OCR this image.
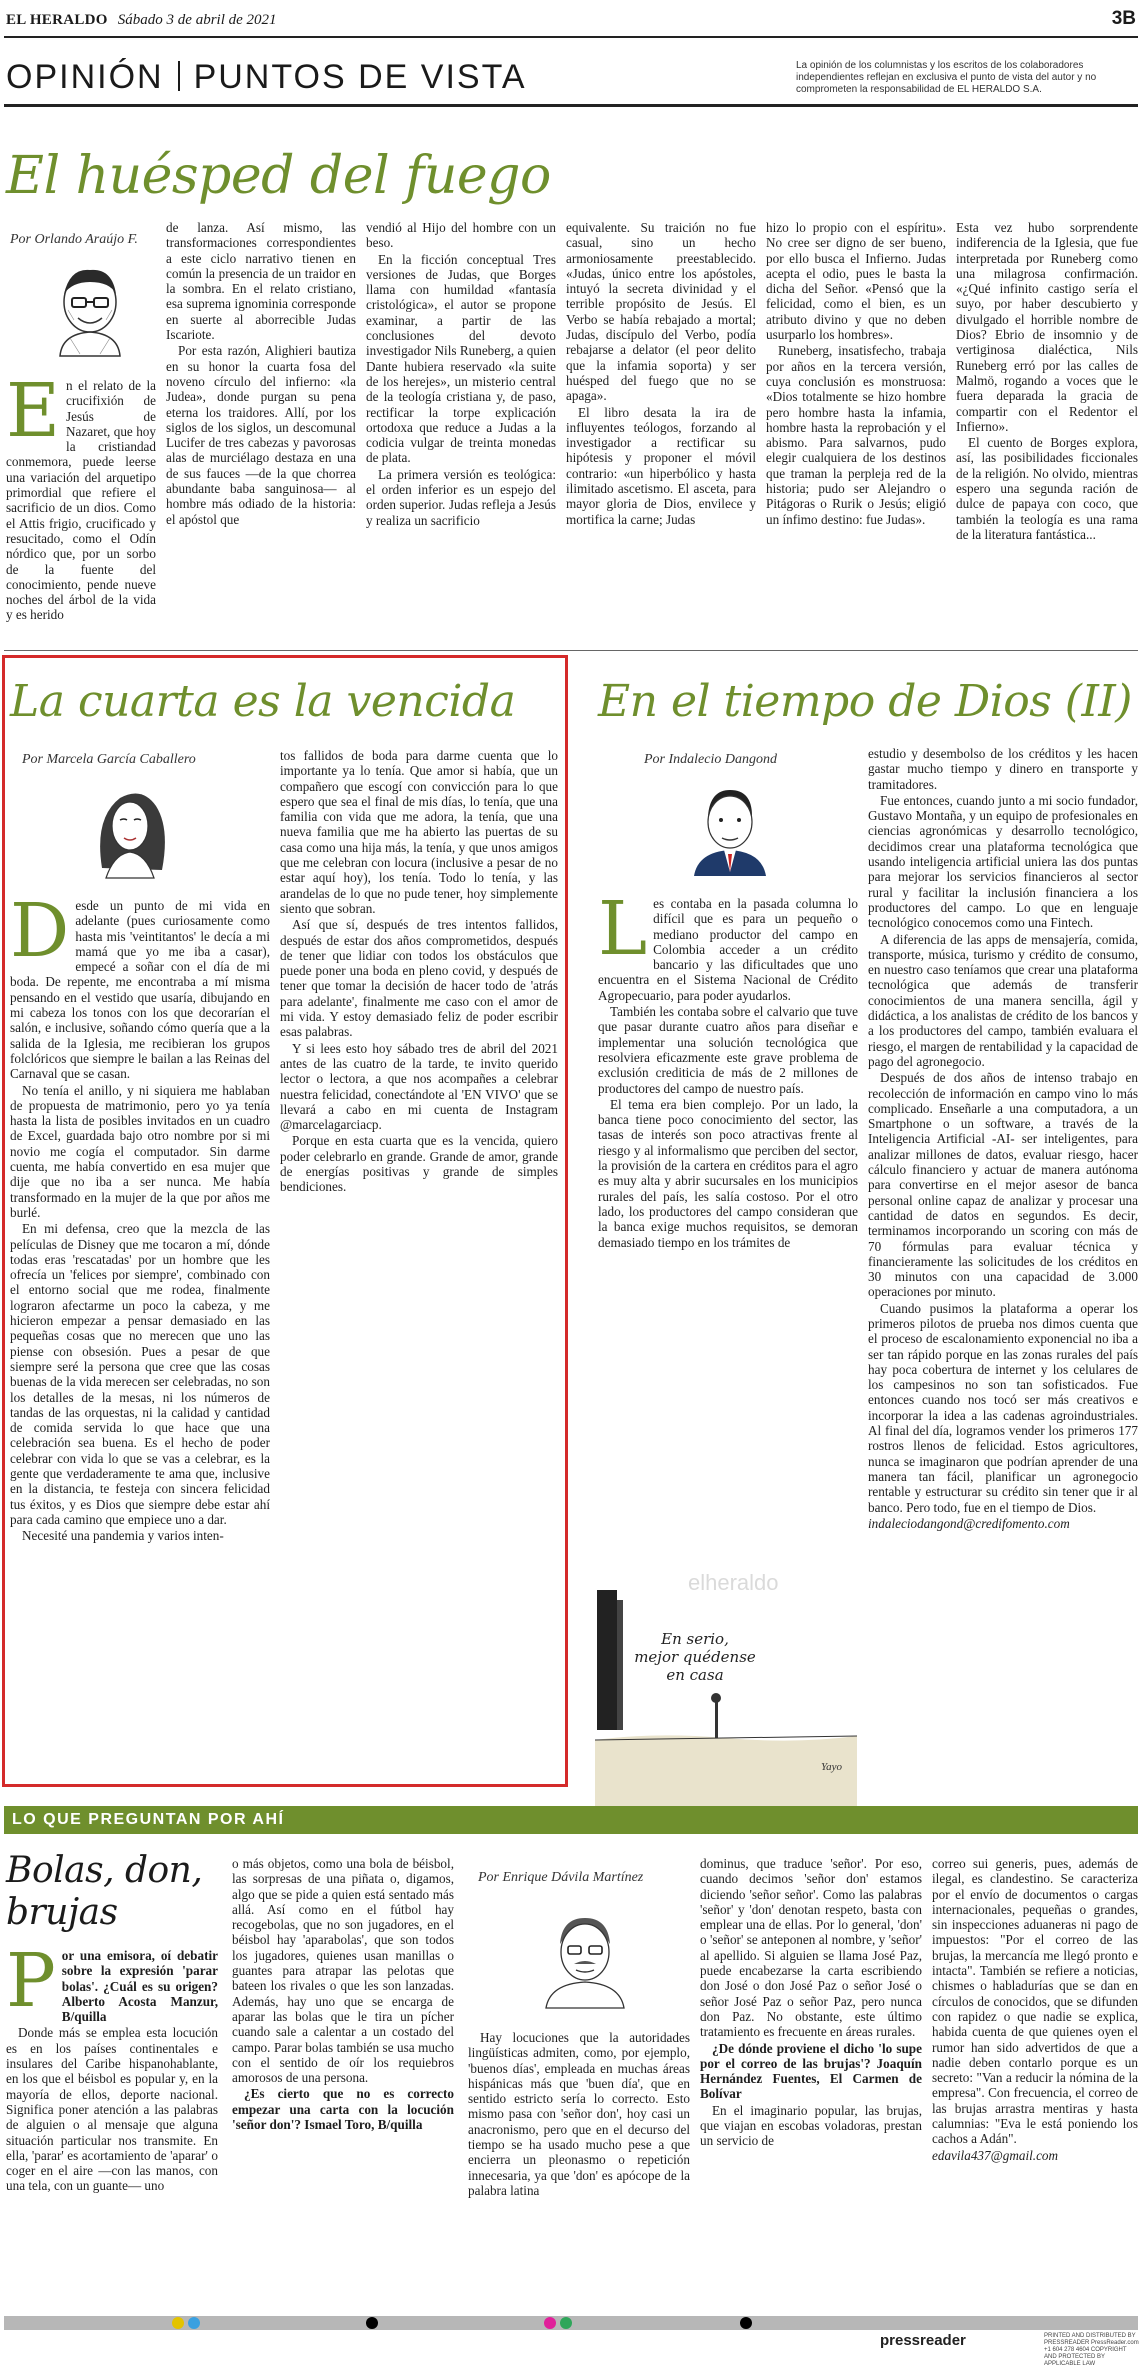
EL HERALDO Sábado 3 de abril de 2021	3B
OPINIÓN PUNTOS DE VISTA	La opinión de los columnistas y los escritos de los colaboradores independientes reflejan en exclusiva el punto de vista del autor y no comprometen la responsabilidad de EL HERALDO S.A.
El huésped del fuego
Por Orlando Araújo F.
E n el relato de la crucifixión de Jesús de Nazaret, que hoy la cristiandad conmemora, puede leerse una variación del arquetipo primordial que refiere el sacrificio de un dios. Como el Attis frigio, crucificado y resucitado, como el Odín nórdico que, por un sorbo de la fuente del conocimiento, pende nueve noches del árbol de la vida y es herido

de lanza. Así mismo, las transformaciones correspondientes a este ciclo narrativo tienen en común la presencia de un traidor en la sombra. En el relato cristiano, esa suprema ignominia corresponde en suerte al aborrecible Judas Iscariote.

Por esta razón, Alighieri bautiza en su honor la cuarta fosa del noveno círculo del infierno: «la Judea», donde purgan su pena eterna los traidores. Allí, por los siglos de los siglos, un descomunal Lucifer de tres cabezas y pavorosas alas de murciélago destaza en una de sus fauces —de la que chorrea abundante baba sanguinosa— al hombre más odiado de la historia: el apóstol que

vendió al Hijo del hombre con un beso.

En la ficción conceptual Tres versiones de Judas, que Borges llama con humildad «fantasía cristológica», el autor se propone examinar, a partir de las conclusiones del devoto investigador Nils Runeberg, a quien Dante hubiera reservado «la suite de los herejes», un misterio central de la teología cristiana y, de paso, rectificar la torpe explicación ortodoxa que reduce a Judas a la codicia vulgar de treinta monedas de plata.

La primera versión es teológica: el orden inferior es un espejo del orden superior. Judas refleja a Jesús y realiza un sacrificio

equivalente. Su traición no fue casual, sino un hecho armoniosamente preestablecido. «Judas, único entre los apóstoles, intuyó la secreta divinidad y el terrible propósito de Jesús. El Verbo se había rebajado a mortal; Judas, discípulo del Verbo, podía rebajarse a delator (el peor delito que la infamia soporta) y ser huésped del fuego que no se apaga».

El libro desata la ira de influyentes teólogos, forzando al investigador a rectificar su hipótesis y proponer el móvil contrario: «un hiperbólico y hasta ilimitado ascetismo. El asceta, para mayor gloria de Dios, envilece y mortifica la carne; Judas

hizo lo propio con el espíritu». No cree ser digno de ser bueno, por ello busca el Infierno. Judas acepta el odio, pues le basta la dicha del Señor. «Pensó que la felicidad, como el bien, es un atributo divino y que no deben usurparlo los hombres».

Runeberg, insatisfecho, trabaja por años en la tercera versión, cuya conclusión es monstruosa: «Dios totalmente se hizo hombre pero hombre hasta la infamia, hombre hasta la reprobación y el abismo. Para salvarnos, pudo elegir cualquiera de los destinos que traman la perpleja red de la historia; pudo ser Alejandro o Pitágoras o Rurik o Jesús; eligió un ínfimo destino: fue Judas».

Esta vez hubo sorprendente indiferencia de la Iglesia, que fue interpretada por Runeberg como una milagrosa confirmación. «¿Qué infinito castigo sería el suyo, por haber descubierto y divulgado el horrible nombre de Dios? Ebrio de insomnio y de vertiginosa dialéctica, Nils Runeberg erró por las calles de Malmö, rogando a voces que le fuera deparada la gracia de compartir con el Redentor el Infierno».

El cuento de Borges explora, así, las posibilidades ficcionales de la religión. No olvido, mientras espero una segunda ración de dulce de papaya con coco, que también la teología es una rama de la literatura fantástica...

La cuarta es la vencida
Por Marcela García Caballero
D esde un punto de mi vida en adelante (pues curiosamente como hasta mis 'veintitantos' le decía a mi mamá que yo me iba a casar), empecé a soñar con el día de mi boda. De repente, me encontraba a mí misma pensando en el vestido que usaría, dibujando en mi cabeza los tonos con los que decorarían el salón, e inclusive, soñando cómo quería que a la salida de la Iglesia, me recibieran los grupos folclóricos que siempre le bailan a las Reinas del Carnaval que se casan.

No tenía el anillo, y ni siquiera me hablaban de propuesta de matrimonio, pero yo ya tenía hasta la lista de posibles invitados en un cuadro de Excel, guardada bajo otro nombre por si mi novio me cogía el computador. Sin darme cuenta, me había convertido en esa mujer que dije que no iba a ser nunca. Me había transformado en la mujer de la que por años me burlé.

En mi defensa, creo que la mezcla de las películas de Disney que me tocaron a mí, dónde todas eras 'rescatadas' por un hombre que les ofrecía un 'felices por siempre', combinado con el entorno social que me rodea, finalmente lograron afectarme un poco la cabeza, y me hicieron empezar a pensar demasiado en las pequeñas cosas que no merecen que uno las piense con obsesión. Pues a pesar de que siempre seré la persona que cree que las cosas buenas de la vida merecen ser celebradas, no son los detalles de la mesas, ni los números de tandas de las orquestas, ni la calidad y cantidad de comida servida lo que hace que una celebración sea buena. Es el hecho de poder celebrar con vida lo que se vas a celebrar, es la gente que verdaderamente te ama que, inclusive en la distancia, te festeja con sincera felicidad tus éxitos, y es Dios que siempre debe estar ahí para cada camino que empiece uno a dar.

Necesité una pandemia y varios inten-

tos fallidos de boda para darme cuenta que lo importante ya lo tenía. Que amor si había, que un compañero que escogí con convicción para lo que espero que sea el final de mis días, lo tenía, que una familia con vida que me adora, la tenía, que una nueva familia que me ha abierto las puertas de su casa como una hija más, la tenía, y que unos amigos que me celebran con locura (inclusive a pesar de no estar aquí hoy), los tenía. Todo lo tenía, y las arandelas de lo que no pude tener, hoy simplemente siento que sobran.

Así que sí, después de tres intentos fallidos, después de estar dos años comprometidos, después de tener que lidiar con todos los obstáculos que puede poner una boda en pleno covid, y después de tener que tomar la decisión de hacer todo de 'atrás para adelante', finalmente me caso con el amor de mi vida. Y estoy demasiado feliz de poder escribir esas palabras.

Y si lees esto hoy sábado tres de abril del 2021 antes de las cuatro de la tarde, te invito querido lector o lectora, a que nos acompañes a celebrar nuestra felicidad, conectándote al 'EN VIVO' que se llevará a cabo en mi cuenta de Instagram @marcelagarciacp.

Porque en esta cuarta que es la vencida, quiero poder celebrarlo en grande. Grande de amor, grande de energías positivas y grande de simples bendiciones.

En el tiempo de Dios (II)
Por Indalecio Dangond
L es contaba en la pasada columna lo difícil que es para un pequeño o mediano productor del campo en Colombia acceder a un crédito bancario y las dificultades que uno encuentra en el Sistema Nacional de Crédito Agropecuario, para poder ayudarlos.

También les contaba sobre el calvario que tuve que pasar durante cuatro años para diseñar e implementar una solución tecnológica que resolviera eficazmente este grave problema de exclusión crediticia de más de 2 millones de productores del campo de nuestro país.

El tema era bien complejo. Por un lado, la banca tiene poco conocimiento del sector, las tasas de interés son poco atractivas frente al riesgo y al informalismo que perciben del sector, la provisión de la cartera en créditos para el agro es muy alta y abrir sucursales en los municipios rurales del país, les salía costoso. Por el otro lado, los productores del campo consideran que la banca exige muchos requisitos, se demoran demasiado tiempo en los trámites de

estudio y desembolso de los créditos y les hacen gastar mucho tiempo y dinero en transporte y tramitadores.

Fue entonces, cuando junto a mi socio fundador, Gustavo Montaña, y un equipo de profesionales en ciencias agronómicas y desarrollo tecnológico, decidimos crear una plataforma tecnológica que usando inteligencia artificial uniera las dos puntas para mejorar los servicios financieros al sector rural y facilitar la inclusión financiera a los productores del campo. Lo que en lenguaje tecnológico conocemos como una Fintech.

A diferencia de las apps de mensajería, comida, transporte, música, turismo y crédito de consumo, en nuestro caso teníamos que crear una plataforma tecnológica que además de transferir conocimientos de una manera sencilla, ágil y didáctica, a los analistas de crédito de los bancos y a los productores del campo, también evaluara el riesgo, el margen de rentabilidad y la capacidad de pago del agronegocio.

Después de dos años de intenso trabajo en recolección de información en campo vino lo más complicado. Enseñarle a una computadora, a un Smartphone o un software, a través de la Inteligencia Artificial -AI- ser inteligentes, para analizar millones de datos, evaluar riesgo, hacer cálculo financiero y actuar de manera autónoma para convertirse en el mejor asesor de banca personal online capaz de analizar y procesar una cantidad de datos en segundos. Es decir, terminamos incorporando un scoring con más de 70 fórmulas para evaluar técnica y financieramente las solicitudes de los créditos en 30 minutos con una capacidad de 3.000 operaciones por minuto.

Cuando pusimos la plataforma a operar los primeros pilotos de prueba nos dimos cuenta que el proceso de escalonamiento exponencial no iba a ser tan rápido porque en las zonas rurales del país hay poca cobertura de internet y los celulares de los campesinos no son tan sofisticados. Fue entonces cuando nos tocó ser más creativos e incorporar la idea a las cadenas agroindustriales. Al final del día, logramos vender los primeros 177 rostros llenos de felicidad. Estos agricultores, nunca se imaginaron que podrían aprender de una manera tan fácil, planificar un agronegocio rentable y estructurar su crédito sin tener que ir al banco. Pero todo, fue en el tiempo de Dios.

indaleciodangond@credifomento.com

Yayo
En serio,
mejor quédense
en casa
elheraldo
LO QUE PREGUNTAN POR AHÍ
Bolas, don,
brujas
P or una emisora, oí debatir sobre la expresión 'parar bolas'. ¿Cuál es su origen? Alberto Acosta Manzur, B/quilla

Donde más se emplea esta locución es en los países continentales e insulares del Caribe hispanohablante, en los que el béisbol es popular y, en la mayoría de ellos, deporte nacional. Significa poner atención a las palabras de alguien o al mensaje que alguna situación particular nos transmite. En ella, 'parar' es acortamiento de 'aparar' o coger en el aire —con las manos, con una tela, con un guante— uno

o más objetos, como una bola de béisbol, las sorpresas de una piñata o, digamos, algo que se pide a quien está sentado más allá. Así como en el fútbol hay recogebolas, que no son jugadores, en el béisbol hay 'aparabolas', que son todos los jugadores, quienes usan manillas o guantes para atrapar las pelotas que bateen los rivales o que les son lanzadas. Además, hay uno que se encarga de aparar las bolas que le tira un pícher cuando sale a calentar a un costado del campo. Parar bolas también se usa mucho con el sentido de oír los requiebros amorosos de una persona.

¿Es cierto que no es correcto empezar una carta con la locución 'señor don'? Ismael Toro, B/quilla

Por Enrique Dávila Martínez

Hay locuciones que la autoridades lingüísticas admiten, como, por ejemplo, 'buenos días', empleada en muchas áreas hispánicas más que 'buen día', que en sentido estricto sería lo correcto. Esto mismo pasa con 'señor don', hoy casi un anacronismo, pero que en el decurso del tiempo se ha usado mucho pese a que encierra un pleonasmo o repetición innecesaria, ya que 'don' es apócope de la palabra latina

dominus, que traduce 'señor'. Por eso, cuando decimos 'señor don' estamos diciendo 'señor señor'. Como las palabras 'señor' y 'don' denotan respeto, basta con emplear una de ellas. Por lo general, 'don' o 'señor' se anteponen al nombre, y 'señor' al apellido. Si alguien se llama José Paz, puede encabezarse la carta escribiendo don José o don José Paz o señor José o señor José Paz o señor Paz, pero nunca don Paz. No obstante, este último tratamiento es frecuente en áreas rurales.

¿De dónde proviene el dicho 'lo supe por el correo de las brujas'? Joaquín Hernández Fuentes, El Carmen de Bolívar

En el imaginario popular, las brujas, que viajan en escobas voladoras, prestan un servicio de

correo sui generis, pues, además de ilegal, es clandestino. Se caracteriza por el envío de documentos o cargas internacionales, pequeñas o grandes, sin inspecciones aduaneras ni pago de impuestos: "Por el correo de las brujas, la mercancía me llegó pronto e intacta". También se refiere a noticias, chismes o habladurías que se dan en círculos de conocidos, que se difunden con rapidez o que nadie se explica, habida cuenta de que quienes oyen el rumor han sido advertidos de que a nadie deben contarlo porque es un secreto: "Van a reducir la nómina de la empresa". Con frecuencia, el correo de las brujas arrastra mentiras y hasta calumnias: "Eva le está poniendo los cachos a Adán".

edavila437@gmail.com

pressreader	PRINTED AND DISTRIBUTED BY PRESSREADER PressReader.com +1 604 278 4604 COPYRIGHT AND PROTECTED BY APPLICABLE LAW
